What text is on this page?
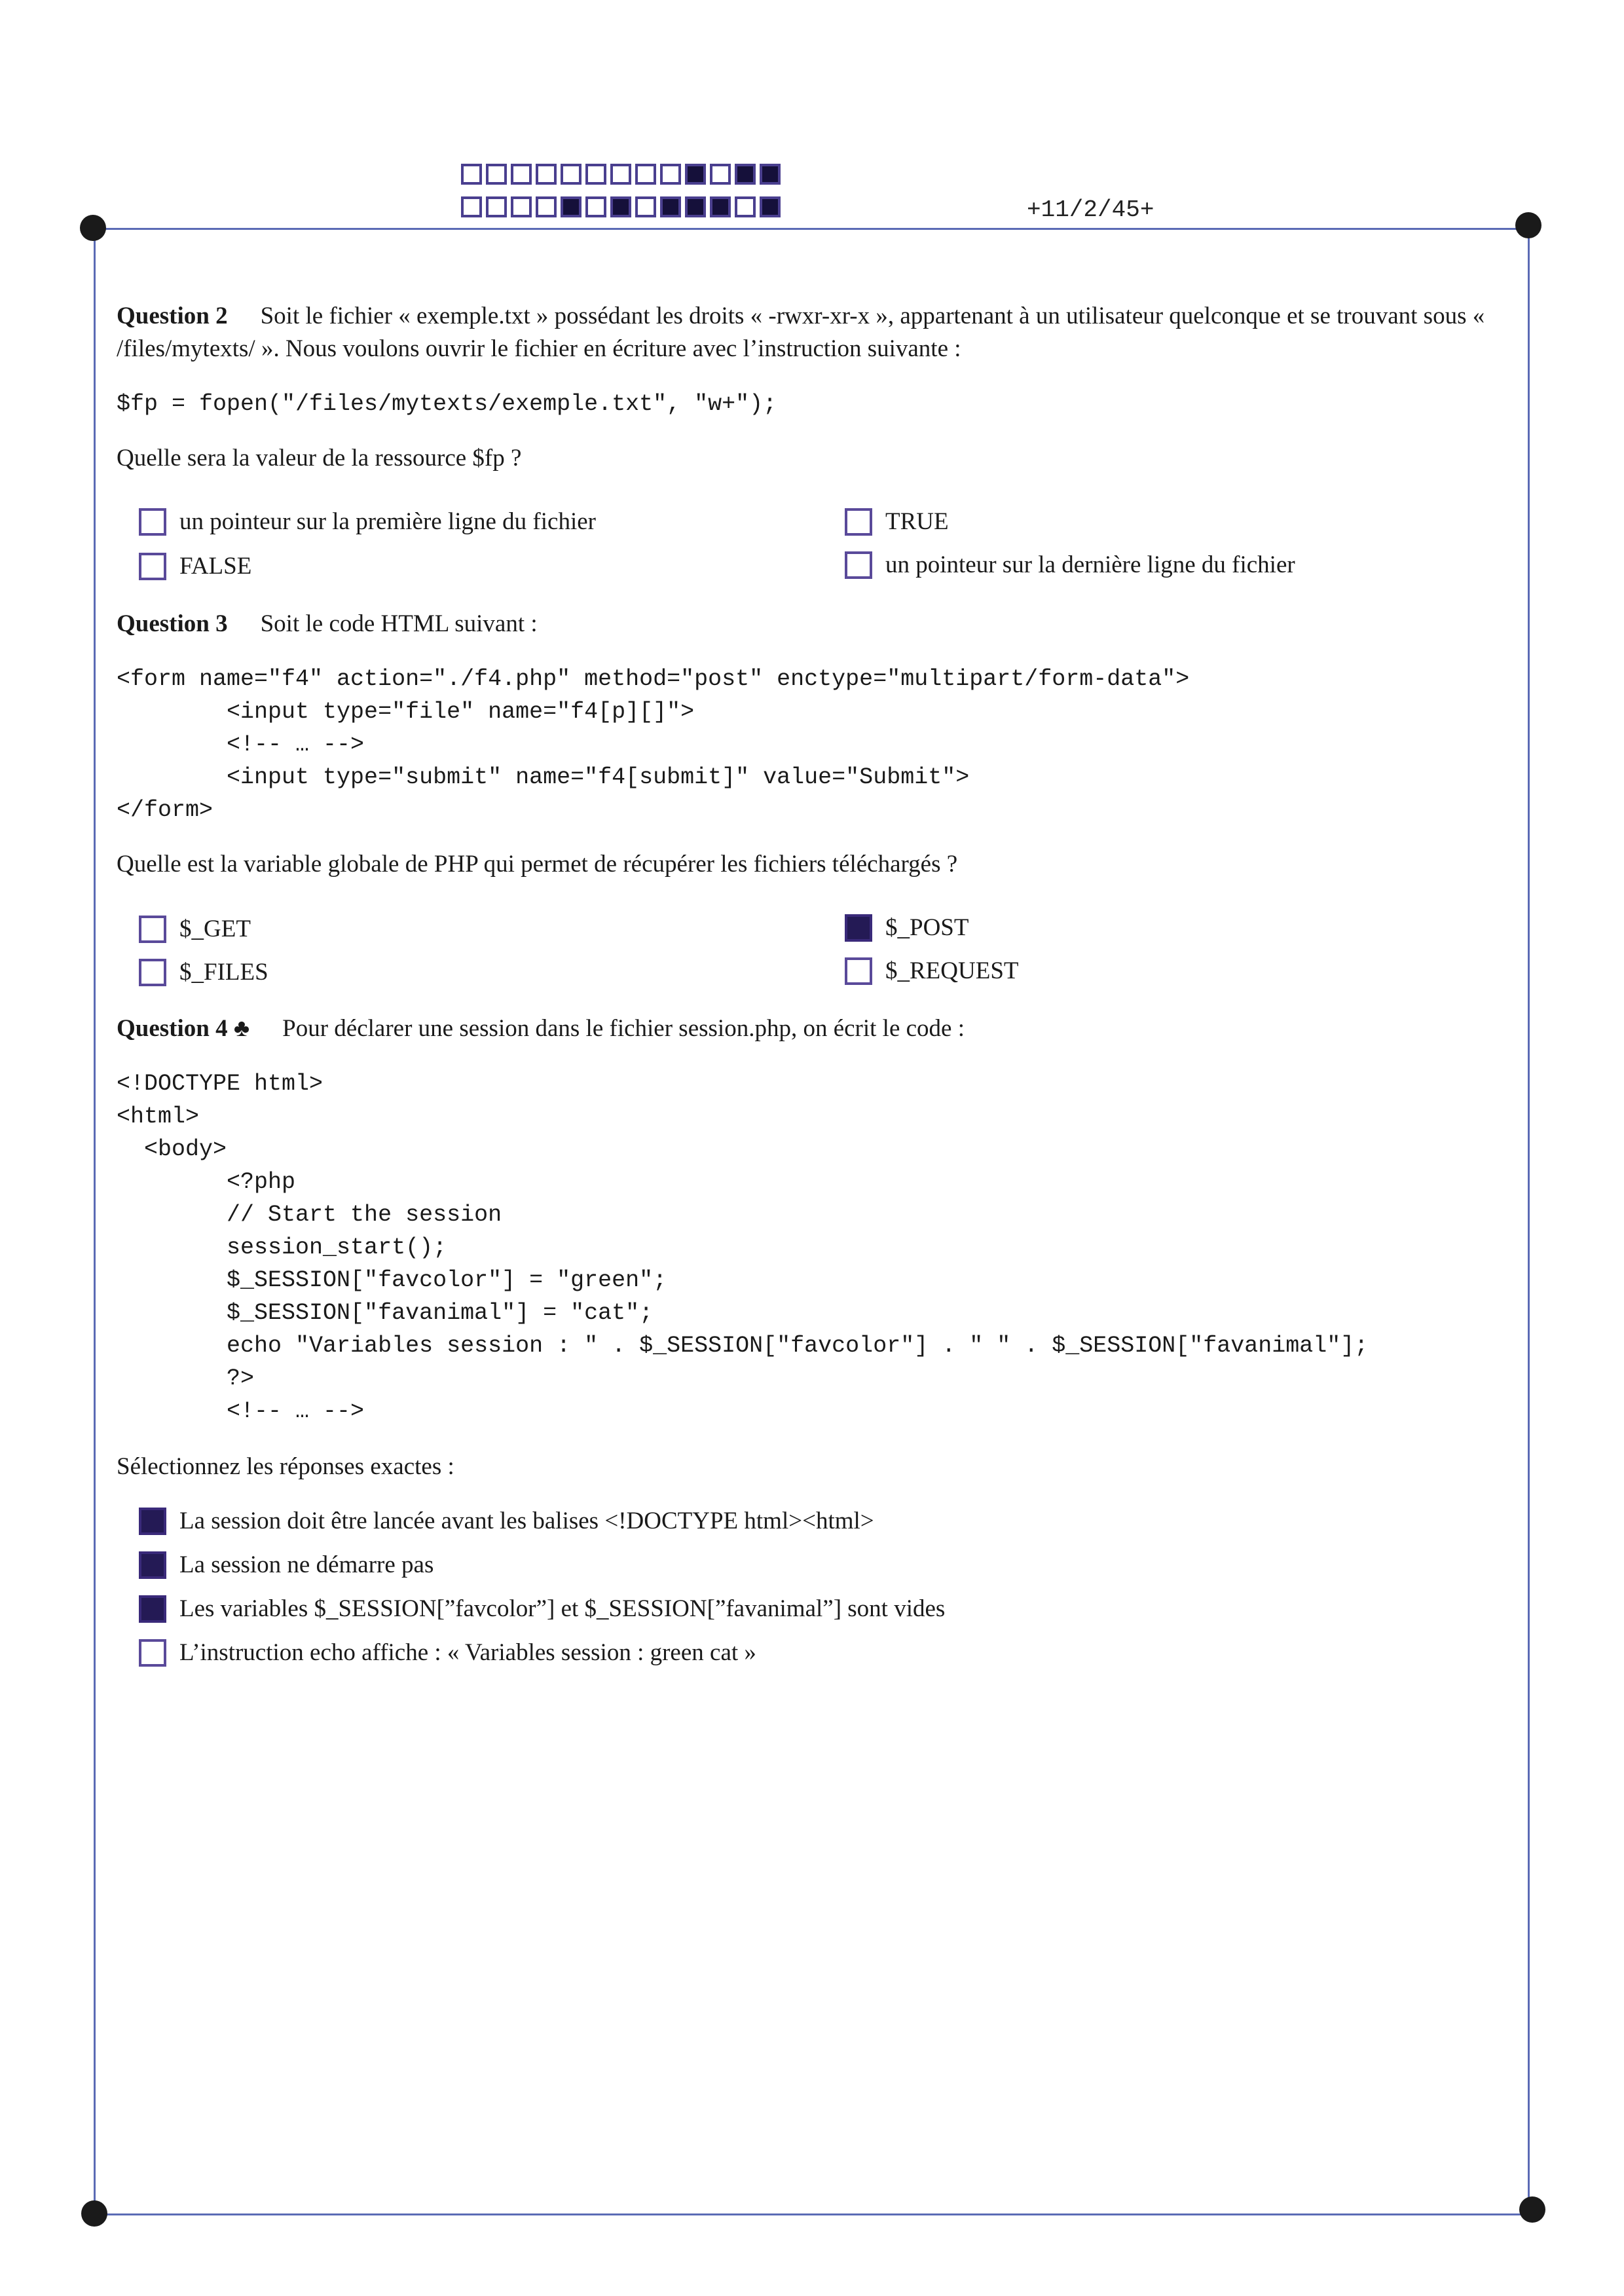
+11/2/45+
Question 2 Soit le fichier « exemple.txt » possédant les droits « -rwxr-xr-x », appartenant à un utilisateur quelconque et se trouvant sous « /files/mytexts/ ». Nous voulons ouvrir le fichier en écriture avec l’instruction suivante :
$fp = fopen("/files/mytexts/exemple.txt", "w+");
Quelle sera la valeur de la ressource $fp ?
un pointeur sur la première ligne du fichier
FALSE
TRUE
un pointeur sur la dernière ligne du fichier
Question 3 Soit le code HTML suivant :
<form name="f4" action="./f4.php" method="post" enctype="multipart/form-data">
<input type="file" name="f4[p][]">
<!-- … -->
<input type="submit" name="f4[submit]" value="Submit">
</form>
Quelle est la variable globale de PHP qui permet de récupérer les fichiers téléchargés ?
$_GET
$_FILES
$_POST
$_REQUEST
Question 4 ♣ Pour déclarer une session dans le fichier session.php, on écrit le code :
<!DOCTYPE html>
<html>
<body>
<?php
// Start the session
session_start();
$_SESSION["favcolor"] = "green";
$_SESSION["favanimal"] = "cat";
echo "Variables session : " . $_SESSION["favcolor"] . " " . $_SESSION["favanimal"];
?>
<!-- … -->
Sélectionnez les réponses exactes :
La session doit être lancée avant les balises <!DOCTYPE html><html>
La session ne démarre pas
Les variables $_SESSION[”favcolor”] et $_SESSION[”favanimal”] sont vides
L’instruction echo affiche : « Variables session : green cat »
